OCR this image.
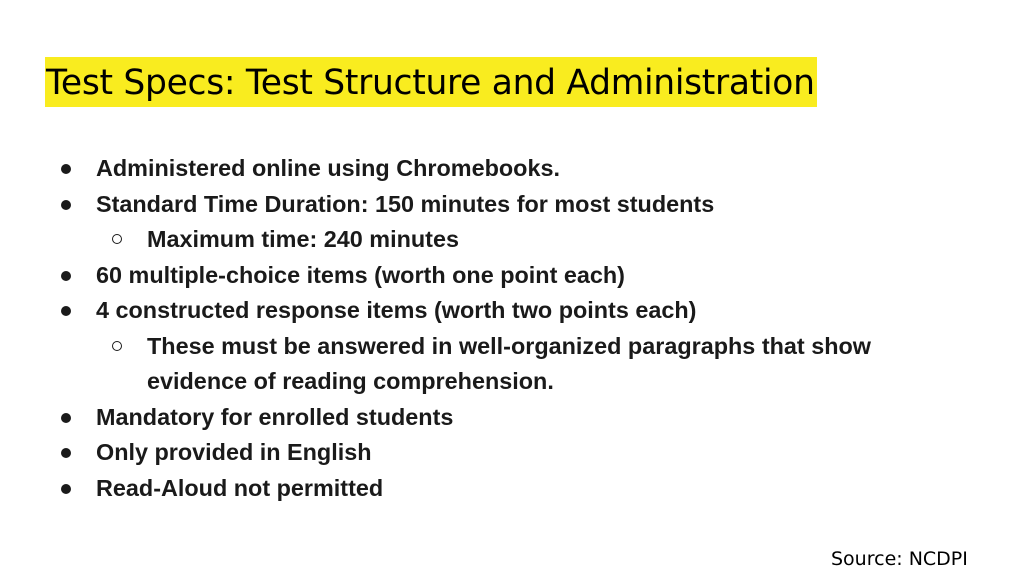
Test Specs: Test Structure and Administration
Administered online using Chromebooks.
Standard Time Duration: 150 minutes for most students
Maximum time: 240 minutes
60 multiple-choice items (worth one point each)
4 constructed response items (worth two points each)
These must be answered in well-organized paragraphs that show evidence of reading comprehension.
Mandatory for enrolled students
Only provided in English
Read-Aloud not permitted
Source: NCDPI
